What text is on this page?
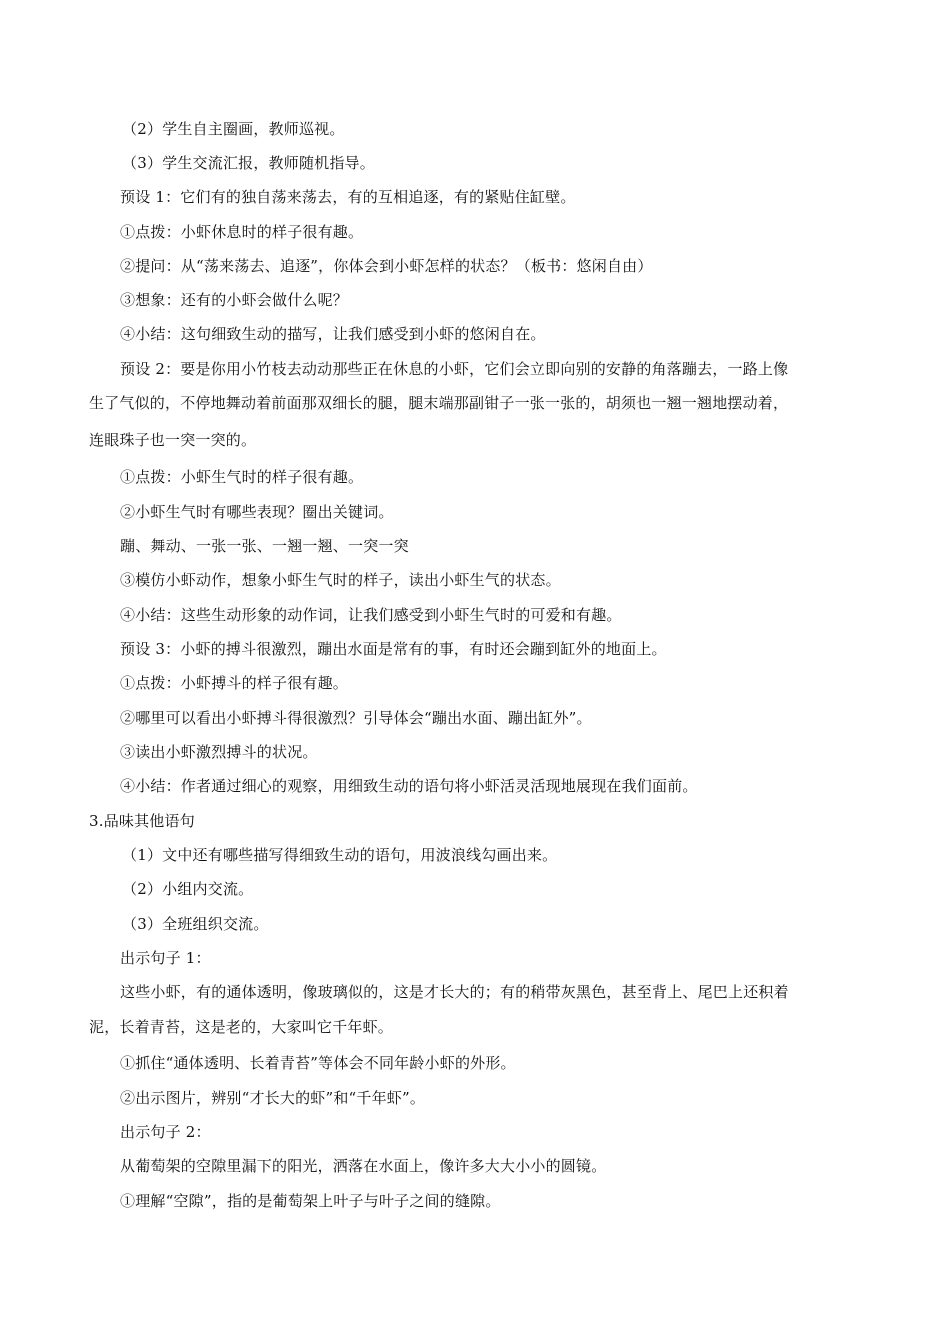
（2）学生自主圈画，教师巡视。
（3）学生交流汇报，教师随机指导。
预设 1：它们有的独自荡来荡去，有的互相追逐，有的紧贴住缸壁。
①点拨：小虾休息时的样子很有趣。
②提问：从“荡来荡去、追逐”，你体会到小虾怎样的状态？（板书：悠闲自由）
③想象：还有的小虾会做什么呢？
④小结：这句细致生动的描写，让我们感受到小虾的悠闲自在。
预设 2：要是你用小竹枝去动动那些正在休息的小虾，它们会立即向别的安静的角落蹦去，一路上像
生了气似的，不停地舞动着前面那双细长的腿，腿末端那副钳子一张一张的，胡须也一翘一翘地摆动着，
连眼珠子也一突一突的。
①点拨：小虾生气时的样子很有趣。
②小虾生气时有哪些表现？圈出关键词。
蹦、舞动、一张一张、一翘一翘、一突一突
③模仿小虾动作，想象小虾生气时的样子，读出小虾生气的状态。
④小结：这些生动形象的动作词，让我们感受到小虾生气时的可爱和有趣。
预设 3：小虾的搏斗很激烈，蹦出水面是常有的事，有时还会蹦到缸外的地面上。
①点拨：小虾搏斗的样子很有趣。
②哪里可以看出小虾搏斗得很激烈？引导体会“蹦出水面、蹦出缸外”。
③读出小虾激烈搏斗的状况。
④小结：作者通过细心的观察，用细致生动的语句将小虾活灵活现地展现在我们面前。
3.品味其他语句
（1）文中还有哪些描写得细致生动的语句，用波浪线勾画出来。
（2）小组内交流。
（3）全班组织交流。
出示句子 1：
这些小虾，有的通体透明，像玻璃似的，这是才长大的；有的稍带灰黑色，甚至背上、尾巴上还积着
泥，长着青苔，这是老的，大家叫它千年虾。
①抓住“通体透明、长着青苔”等体会不同年龄小虾的外形。
②出示图片，辨别“才长大的虾”和“千年虾”。
出示句子 2：
从葡萄架的空隙里漏下的阳光，洒落在水面上，像许多大大小小的圆镜。
①理解“空隙”，指的是葡萄架上叶子与叶子之间的缝隙。
